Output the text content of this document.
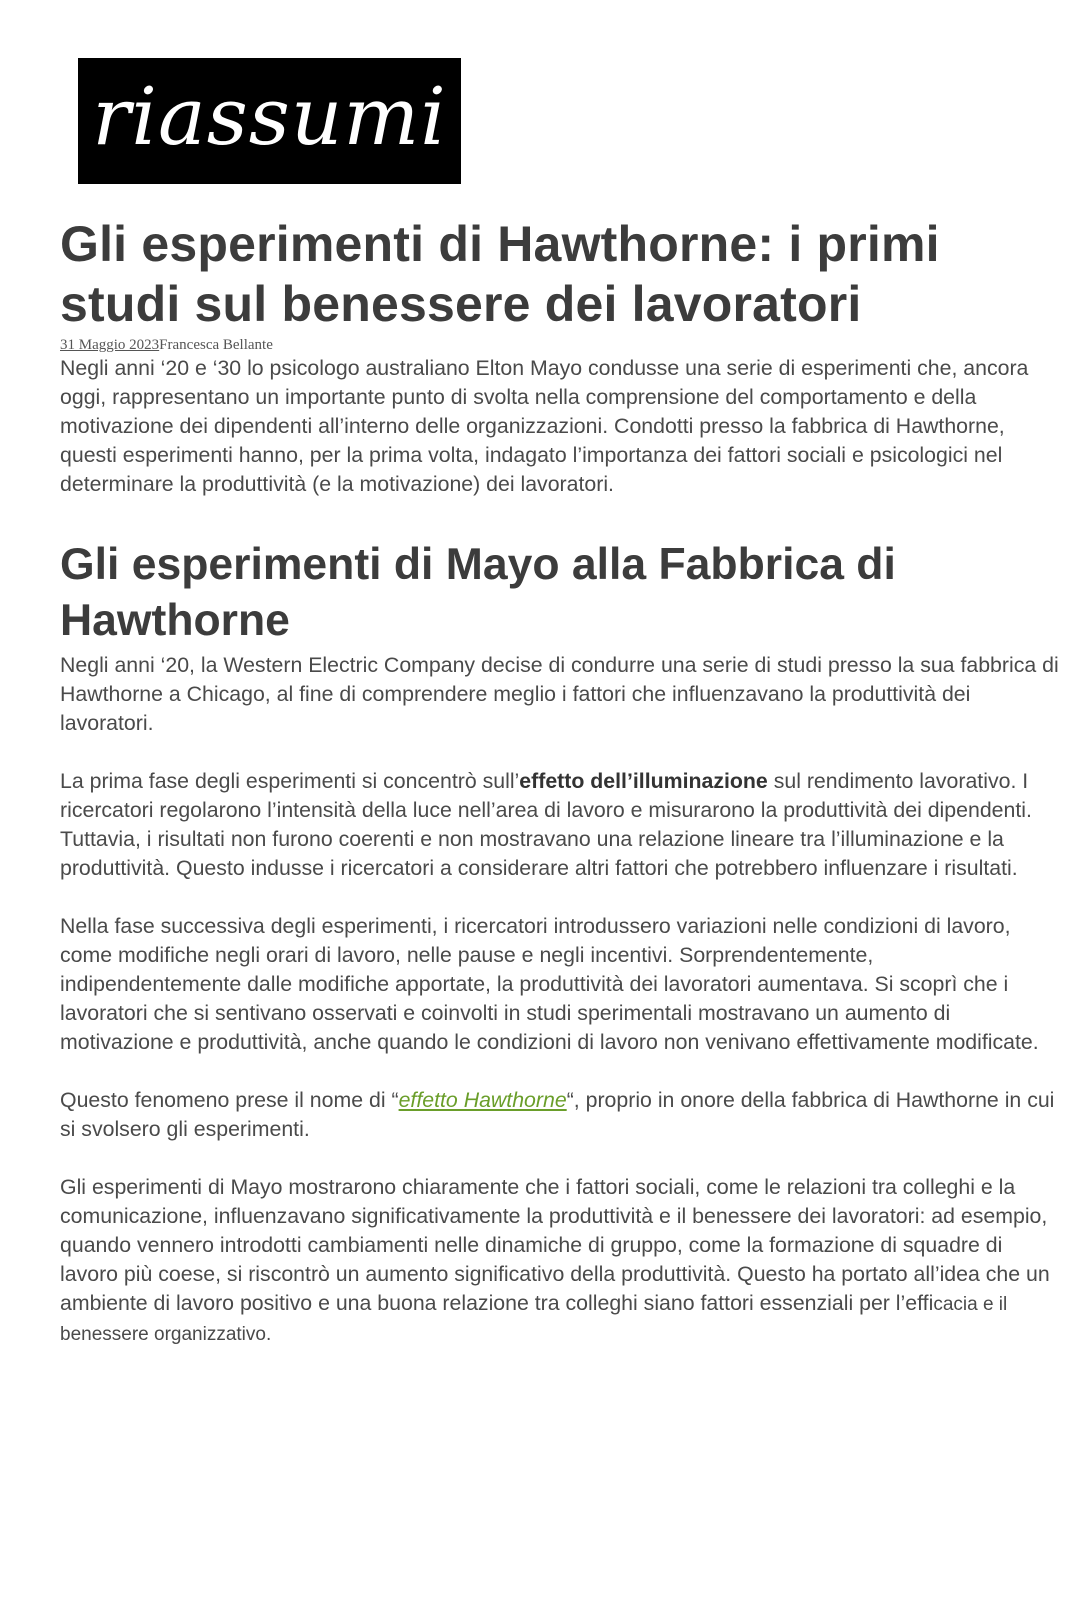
riassumi
Gli esperimenti di Hawthorne: i primi studi sul benessere dei lavoratori
31 Maggio 2023Francesca Bellante

Negli anni ‘20 e ‘30 lo psicologo australiano Elton Mayo condusse una serie di esperimenti che, ancora oggi, rappresentano un importante punto di svolta nella comprensione del comportamento e della motivazione dei dipendenti all’interno delle organizzazioni. Condotti presso la fabbrica di Hawthorne, questi esperimenti hanno, per la prima volta, indagato l’importanza dei fattori sociali e psicologici nel determinare la produttività (e la motivazione) dei lavoratori.

Gli esperimenti di Mayo alla Fabbrica di Hawthorne

Negli anni ‘20, la Western Electric Company decise di condurre una serie di studi presso la sua fabbrica di Hawthorne a Chicago, al fine di comprendere meglio i fattori che influenzavano la produttività dei lavoratori.

La prima fase degli esperimenti si concentrò sull’effetto dell’illuminazione sul rendimento lavorativo. I ricercatori regolarono l’intensità della luce nell’area di lavoro e misurarono la produttività dei dipendenti. Tuttavia, i risultati non furono coerenti e non mostravano una relazione lineare tra l’illuminazione e la produttività. Questo indusse i ricercatori a considerare altri fattori che potrebbero influenzare i risultati.

Nella fase successiva degli esperimenti, i ricercatori introdussero variazioni nelle condizioni di lavoro, come modifiche negli orari di lavoro, nelle pause e negli incentivi. Sorprendentemente, indipendentemente dalle modifiche apportate, la produttività dei lavoratori aumentava. Si scoprì che i lavoratori che si sentivano osservati e coinvolti in studi sperimentali mostravano un aumento di motivazione e produttività, anche quando le condizioni di lavoro non venivano effettivamente modificate.

Questo fenomeno prese il nome di “effetto Hawthorne“, proprio in onore della fabbrica di Hawthorne in cui si svolsero gli esperimenti.

Gli esperimenti di Mayo mostrarono chiaramente che i fattori sociali, come le relazioni tra colleghi e la comunicazione, influenzavano significativamente la produttività e il benessere dei lavoratori: ad esempio, quando vennero introdotti cambiamenti nelle dinamiche di gruppo, come la formazione di squadre di lavoro più coese, si riscontrò un aumento significativo della produttività. Questo ha portato all’idea che un ambiente di lavoro positivo e una buona relazione tra colleghi siano fattori essenziali per l’efficacia e il benessere organizzativo.
